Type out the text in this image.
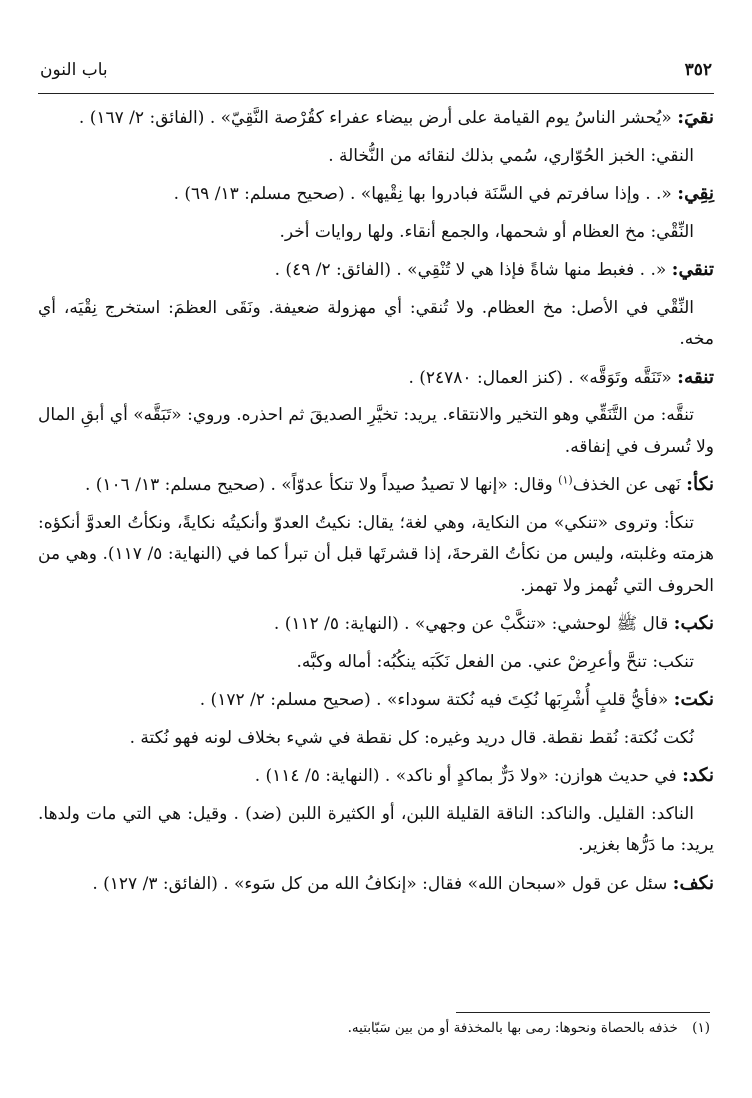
٣٥٢
باب النون

نقيَ: «يُحشر الناسُ يوم القيامة على أرض بيضاء عفراء كقُرْصة النَّقِيّ» . (الفائق: ٢/ ١٦٧) .

النقي: الخبز الحُوّاري، سُمي بذلك لنقائه من النُّخالة .

نِقِي: «. . وإذا سافرتم في السَّنَة فبادروا بها نِقْيها» . (صحيح مسلم: ١٣/ ٦٩) .

النِّقْي: مخ العظام أو شحمها، والجمع أنقاء. ولها روايات أخر.

تنقي: «. . فغبط منها شاةً فإذا هي لا تُنْقِي» . (الفائق: ٢/ ٤٩) .

النِّقْي في الأصل: مخ العظام. ولا تُنقي: أي مهزولة ضعيفة. ونَقَى العظمَ: استخرج نِقْيَه، أي مخه.

تنقه: «تَنَقَّه وتَوَقَّه» . (كنز العمال: ٢٤٧٨٠) .

تنقَّه: من التَّنَقِّي وهو التخير والانتقاء. يريد: تخيَّرِ الصديقَ ثم احذره. وروي: «تَبَقَّه» أي أبقِ المال ولا تُسرف في إنفاقه.

نكأ: نَهى عن الخذف$^{(١)}$ وقال: «إنها لا تصيدُ صيداً ولا تنكأ عدوّاً» . (صحيح مسلم: ١٣/ ١٠٦) .

تنكأ: وتروى «تنكي» من النكاية، وهي لغة؛ يقال: نكيتُ العدوّ وأنكيتُه نكايةً، ونكأتُ العدوَّ أنكؤه: هزمته وغلبته، وليس من نكأتُ القرحةَ، إذا قشرتَها قبل أن تبرأ كما في (النهاية: ٥/ ١١٧). وهي من الحروف التي تُهمز ولا تهمز.

نكب: قال ﷺ لوحشي: «تنكَّبْ عن وجهي» . (النهاية: ٥/ ١١٢) .

تنكب: تنحَّ وأعرِضْ عني. من الفعل نَكَبَه ينكُبُه: أماله وكبَّه.

نكت: «فأيُّ قلبٍ أُشْرِبَها نُكِتَ فيه نُكتة سوداء» . (صحيح مسلم: ٢/ ١٧٢) .

نُكت نُكتة: نُقط نقطة. قال دريد وغيره: كل نقطة في شيء بخلاف لونه فهو نُكتة .

نكد: في حديث هوازن: «ولا دَرٌّ بماكدٍ أو ناكد» . (النهاية: ٥/ ١١٤) .

الناكد: القليل. والناكد: الناقة القليلة اللبن، أو الكثيرة اللبن (ضد) . وقيل: هي التي مات ولدها. يريد: ما دَرُّها بغزير.

نكف: سئل عن قول «سبحان الله» فقال: «إنكافُ الله من كل سَوء» . (الفائق: ٣/ ١٢٧) .

(١) خذفه بالحصاة ونحوها: رمى بها بالمخذفة أو من بين سَبّابتيه.
